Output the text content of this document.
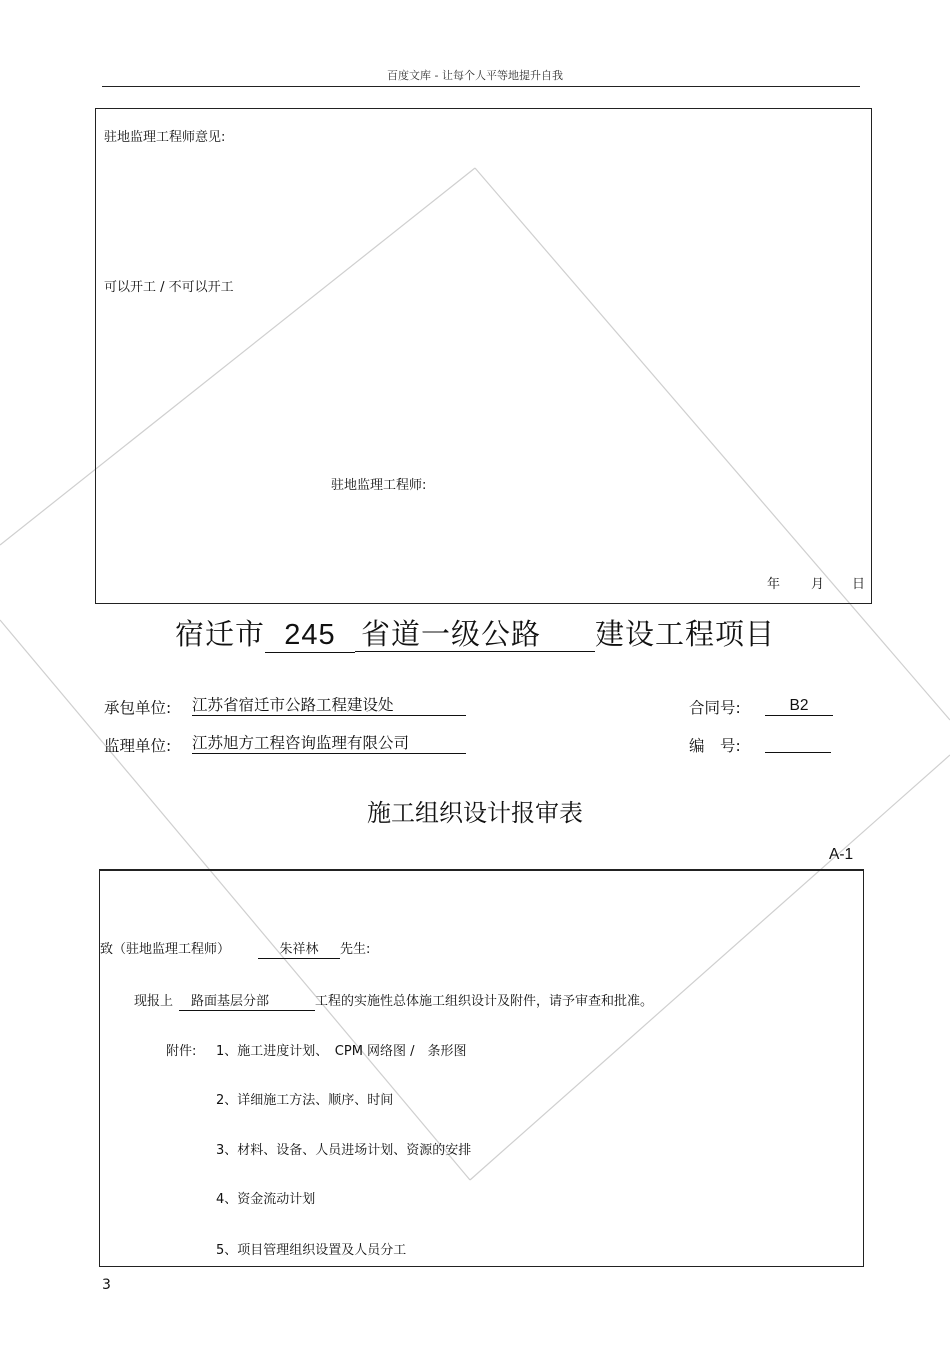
百度文库 - 让每个人平等地提升自我
驻地监理工程师意见:
可以开工 / 不可以开工
驻地监理工程师:
年 月 日
宿迁市 245 省道一级公路 建设工程项目
承包单位: 江苏省宿迁市公路工程建设处	合同号:	B2
监理单位: 江苏旭方工程咨询监理有限公司	编　号:
施工组织设计报审表
A-1
致（驻地监理工程师）	朱祥林 先生:
现报上 路面基层分部	工程的实施性总体施工组织设计及附件，请予审查和批准。
附件: 1、施工进度计划、　CPM 网络图 /　条形图
2、详细施工方法、顺序、时间
3、材料、设备、人员进场计划、资源的安排
4、资金流动计划
5、项目管理组织设置及人员分工
3
